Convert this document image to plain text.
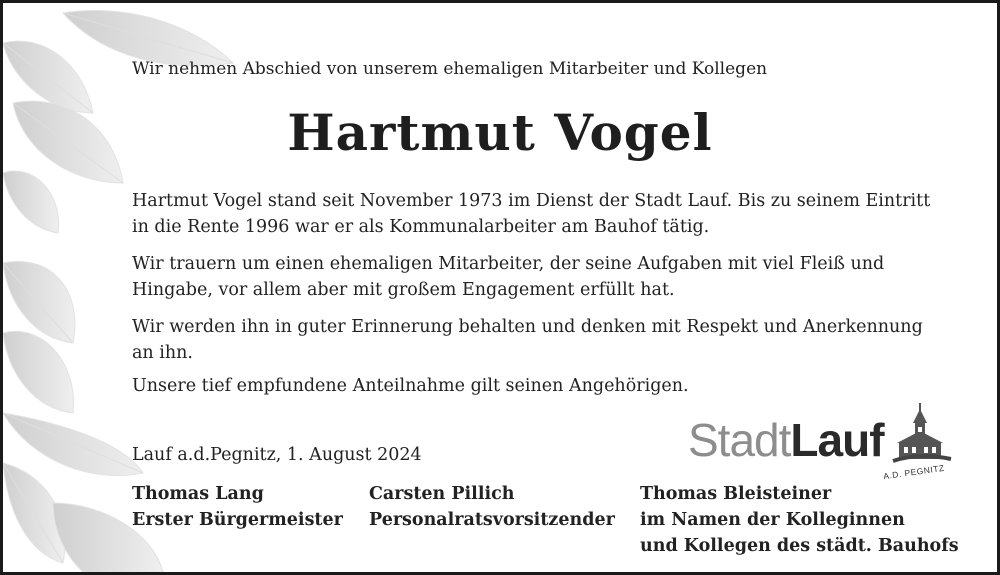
Wir nehmen Abschied von unserem ehemaligen Mitarbeiter und Kollegen
Hartmut Vogel
Hartmut Vogel stand seit November 1973 im Dienst der Stadt Lauf. Bis zu seinem Eintritt in die Rente 1996 war er als Kommunalarbeiter am Bauhof tätig.
Wir trauern um einen ehemaligen Mitarbeiter, der seine Aufgaben mit viel Fleiß und Hingabe, vor allem aber mit großem Engagement erfüllt hat.
Wir werden ihn in guter Erinnerung behalten und denken mit Respekt und Anerkennung an ihn.
Unsere tief empfundene Anteilnahme gilt seinen Angehörigen.
Lauf a.d.Pegnitz, 1. August 2024
Thomas Lang
Erster Bürgermeister
Carsten Pillich
Personalratsvorsitzender
Thomas Bleisteiner
im Namen der Kolleginnen
und Kollegen des städt. Bauhofs
StadtLauf
A.D. PEGNITZ
